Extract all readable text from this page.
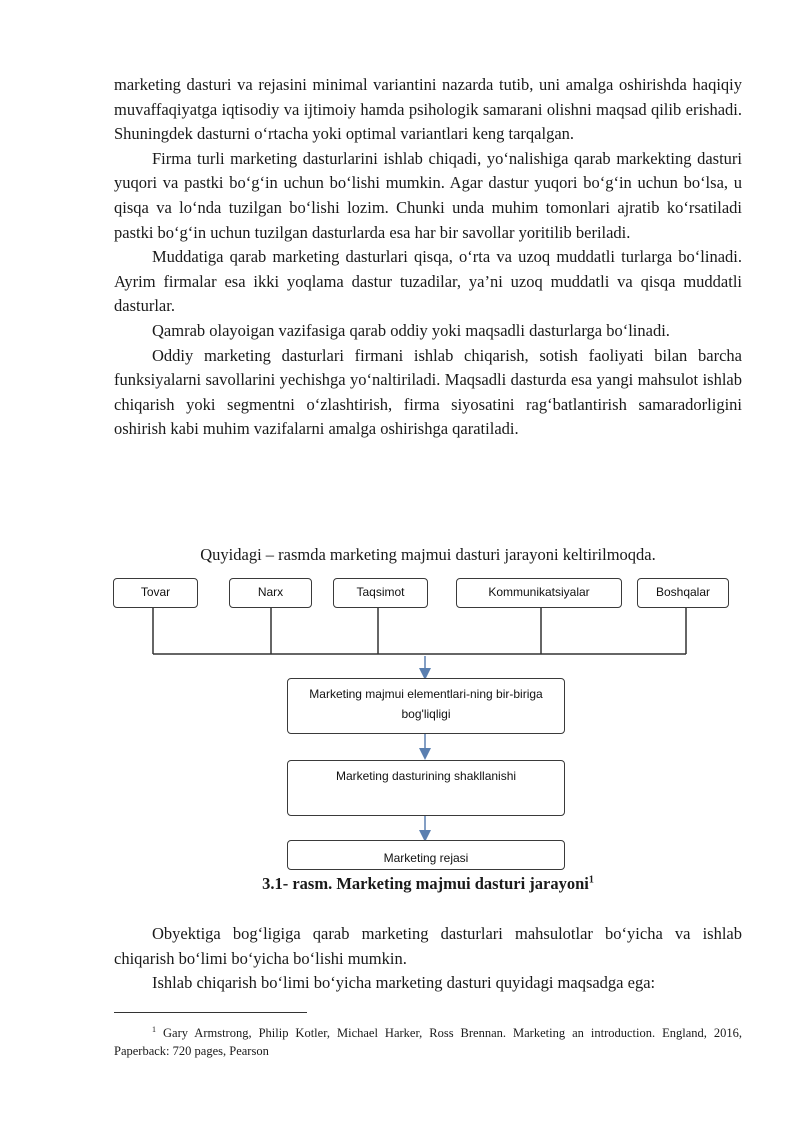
marketing dasturi va rejasini minimal variantini nazarda tutib, uni amalga oshirishda haqiqiy muvaffaqiyatga iqtisodiy va ijtimoiy hamda psihologik samarani olishni maqsad qilib erishadi. Shuningdek dasturni o‘rtacha yoki optimal variantlari keng tarqalgan.

Firma turli marketing dasturlarini ishlab chiqadi, yo‘nalishiga qarab markekting dasturi yuqori va pastki bo‘g‘in uchun bo‘lishi mumkin. Agar dastur yuqori bo‘g‘in uchun bo‘lsa, u qisqa va lo‘nda tuzilgan bo‘lishi lozim. Chunki unda muhim tomonlari ajratib ko‘rsatiladi pastki bo‘g‘in uchun tuzilgan dasturlarda esa har bir savollar yoritilib beriladi.

Muddatiga qarab marketing dasturlari qisqa, o‘rta va uzoq muddatli turlarga bo‘linadi. Ayrim firmalar esa ikki yoqlama dastur tuzadilar, ya’ni uzoq muddatli va qisqa muddatli dasturlar.

Qamrab olayoigan vazifasiga qarab oddiy yoki maqsadli dasturlarga bo‘linadi.

Oddiy marketing dasturlari firmani ishlab chiqarish, sotish faoliyati bilan barcha funksiyalarni savollarini yechishga yo‘naltiriladi. Maqsadli dasturda esa yangi mahsulot ishlab chiqarish yoki segmentni o‘zlashtirish, firma siyosatini rag‘batlantirish samaradorligini oshirish kabi muhim vazifalarni amalga oshirishga qaratiladi.

Quyidagi – rasmda marketing majmui dasturi jarayoni keltirilmoqda.
Tovar	Narx	Taqsimot	Kommunikatsiyalar	Boshqalar
Marketing majmui elementlari-ning bir-biriga bog'liqligi
Marketing dasturining shakllanishi
Marketing rejasi
3.1- rasm. Marketing majmui dasturi jarayoni$^1$

Obyektiga bog‘ligiga qarab marketing dasturlari mahsulotlar bo‘yicha va ishlab chiqarish bo‘limi bo‘yicha bo‘lishi mumkin.

Ishlab chiqarish bo‘limi bo‘yicha marketing dasturi quyidagi maqsadga ega:

$^1$ Gary Armstrong, Philip Kotler, Michael Harker, Ross Brennan. Marketing an introduction. England, 2016, Paperback: 720 pages, Pearson
